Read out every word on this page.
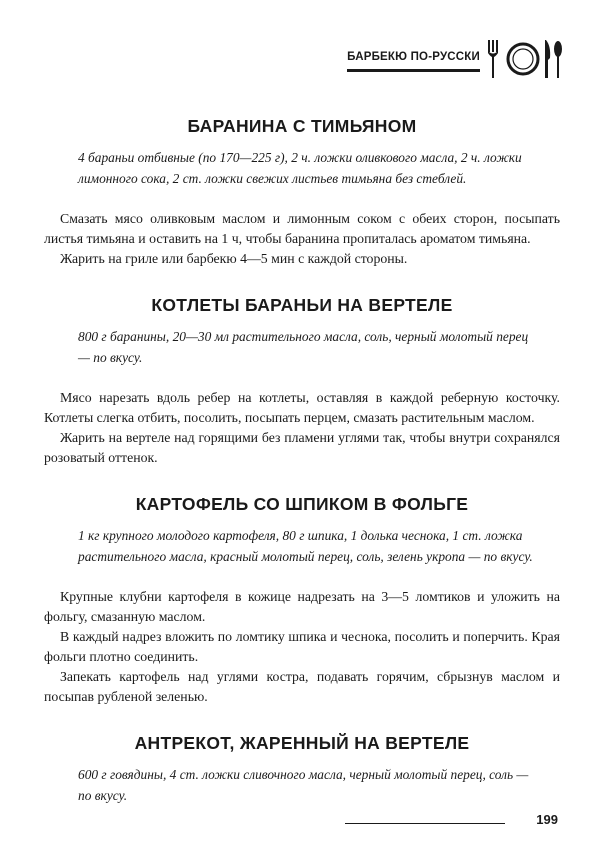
БАРБЕКЮ ПО-РУССКИ
БАРАНИНА С ТИМЬЯНОМ

4 бараньи отбивные (по 170—225 г), 2 ч. ложки оливкового масла, 2 ч. ложки лимонного сока, 2 ст. ложки свежих листьев тимьяна без стеблей.

Смазать мясо оливковым маслом и лимонным соком с обеих сторон, посыпать листья тимьяна и оставить на 1 ч, чтобы баранина пропиталась ароматом тимьяна.

Жарить на гриле или барбекю 4—5 мин с каждой стороны.

КОТЛЕТЫ БАРАНЬИ НА ВЕРТЕЛЕ

800 г баранины, 20—30 мл растительного масла, соль, черный молотый перец — по вкусу.

Мясо нарезать вдоль ребер на котлеты, оставляя в каждой реберную косточку. Котлеты слегка отбить, посолить, посыпать перцем, смазать растительным маслом.

Жарить на вертеле над горящими без пламени углями так, чтобы внутри сохранялся розоватый оттенок.

КАРТОФЕЛЬ СО ШПИКОМ В ФОЛЬГЕ

1 кг крупного молодого картофеля, 80 г шпика, 1 долька чеснока, 1 ст. ложка растительного масла, красный молотый перец, соль, зелень укропа — по вкусу.

Крупные клубни картофеля в кожице надрезать на 3—5 ломтиков и уложить на фольгу, смазанную маслом.

В каждый надрез вложить по ломтику шпика и чеснока, посолить и поперчить. Края фольги плотно соединить.

Запекать картофель над углями костра, подавать горячим, сбрызнув маслом и посыпав рубленой зеленью.

АНТРЕКОТ, ЖАРЕННЫЙ НА ВЕРТЕЛЕ

600 г говядины, 4 ст. ложки сливочного масла, черный молотый перец, соль — по вкусу.

199
